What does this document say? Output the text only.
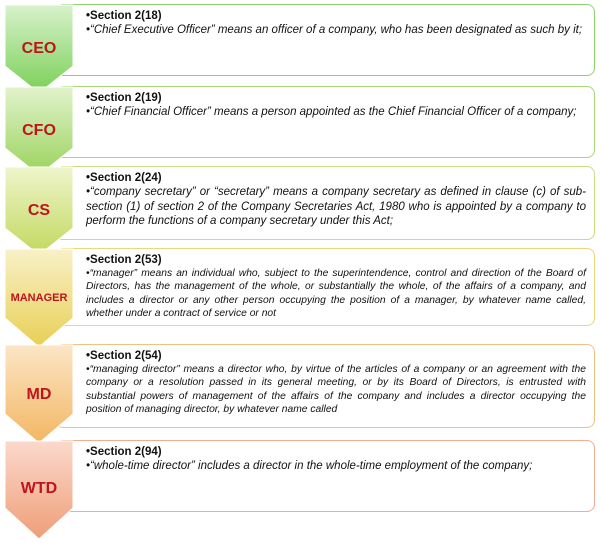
•Section 2(18)
•“Chief Executive Officer” means an officer of a company, who has been designated as such by it;
CEO
•Section 2(19)
•“Chief Financial Officer” means a person appointed as the Chief Financial Officer of a company;
CFO
•Section 2(24)
•“company secretary” or “secretary” means a company secretary as defined in clause (c) of sub-section (1) of section 2 of the Company Secretaries Act, 1980 who is appointed by a company to perform the functions of a company secretary under this Act;
CS
•Section 2(53)
•“manager” means an individual who, subject to the superintendence, control and direction of the Board of Directors, has the management of the whole, or substantially the whole, of the affairs of a company, and includes a director or any other person occupying the position of a manager, by whatever name called, whether under a contract of service or not
MANAGER
•Section 2(54)
•“managing director” means a director who, by virtue of the articles of a company or an agreement with the company or a resolution passed in its general meeting, or by its Board of Directors, is entrusted with substantial powers of management of the affairs of the company and includes a director occupying the position of managing director, by whatever name called
MD
•Section 2(94)
•“whole-time director” includes a director in the whole-time employment of the company;
WTD
